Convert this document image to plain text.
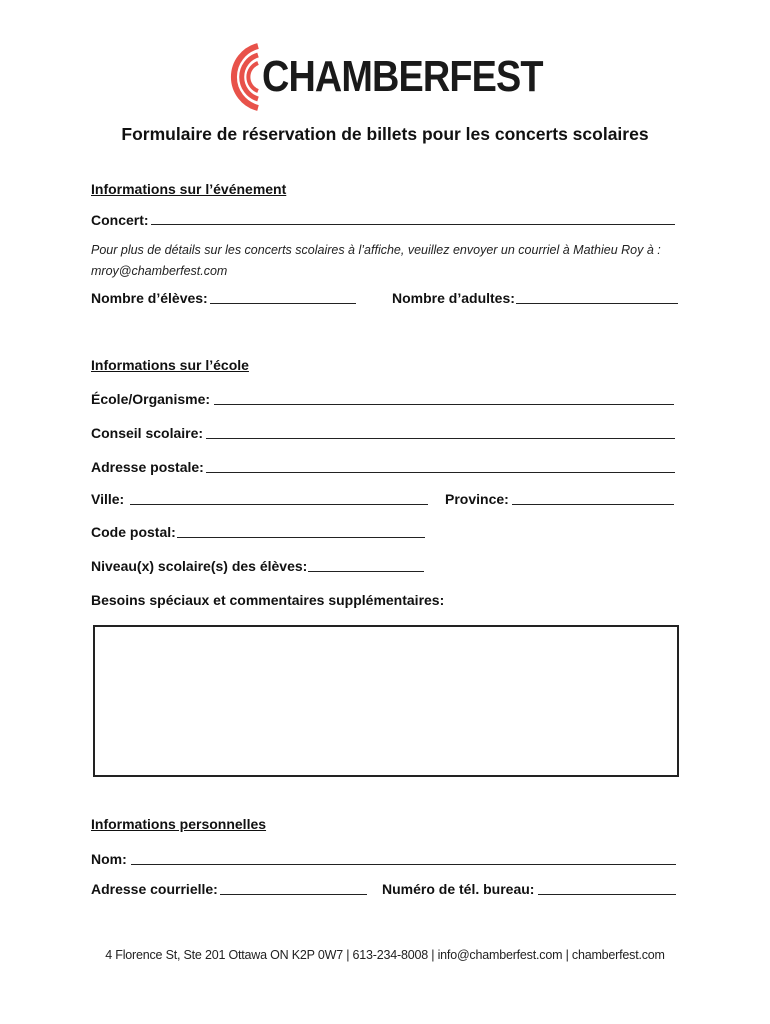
CHAMBERFEST
Formulaire de réservation de billets pour les concerts scolaires
Informations sur l’événement
Concert:
Pour plus de détails sur les concerts scolaires à l’affiche, veuillez envoyer un courriel à Mathieu Roy à :
mroy@chamberfest.com
Nombre d’élèves:	Nombre d’adultes:
Informations sur l’école
École/Organisme:
Conseil scolaire:
Adresse postale:
Ville:	Province:
Code postal:
Niveau(x) scolaire(s) des élèves:
Besoins spéciaux et commentaires supplémentaires:
Informations personnelles
Nom:
Adresse courrielle:	Numéro de tél. bureau:
4 Florence St, Ste 201 Ottawa ON K2P 0W7 | 613-234-8008 | info@chamberfest.com | chamberfest.com
